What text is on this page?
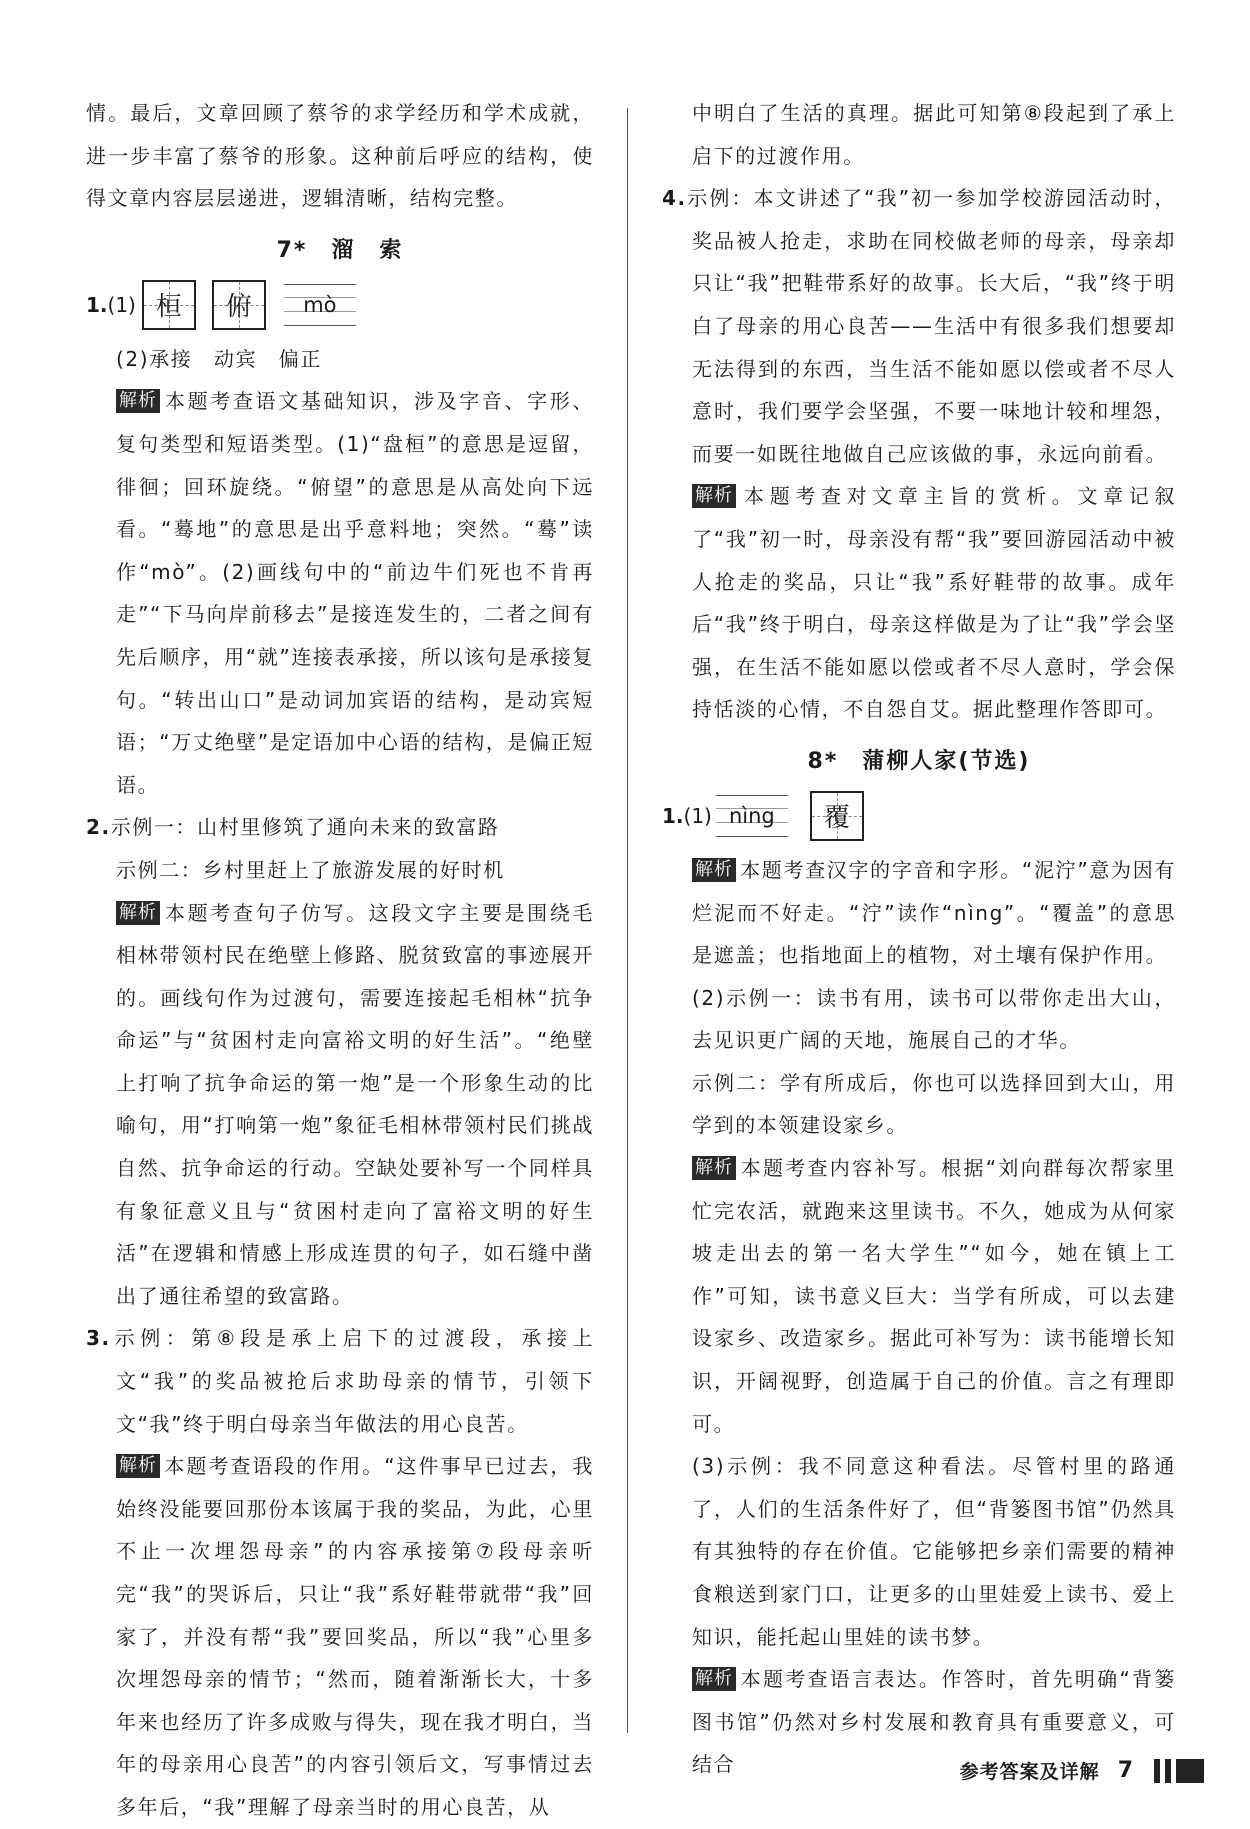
情。最后，文章回顾了蔡爷的求学经历和学术成就，进一步丰富了蔡爷的形象。这种前后呼应的结构，使得文章内容层层递进，逻辑清晰，结构完整。

7*　溜　索
1. (1) 桓 俯 mò

(2)承接　动宾　偏正

解析 本题考查语文基础知识，涉及字音、字形、复句类型和短语类型。(1)“盘桓”的意思是逗留，徘徊；回环旋绕。“俯望”的意思是从高处向下远看。“蓦地”的意思是出乎意料地；突然。“蓦”读作“mò”。(2)画线句中的“前边牛们死也不肯再走”“下马向岸前移去”是接连发生的，二者之间有先后顺序，用“就”连接表承接，所以该句是承接复句。“转出山口”是动词加宾语的结构，是动宾短语；“万丈绝壁”是定语加中心语的结构，是偏正短语。

2.示例一：山村里修筑了通向未来的致富路

示例二：乡村里赶上了旅游发展的好时机

解析 本题考查句子仿写。这段文字主要是围绕毛相林带领村民在绝壁上修路、脱贫致富的事迹展开的。画线句作为过渡句，需要连接起毛相林“抗争命运”与“贫困村走向富裕文明的好生活”。“绝壁上打响了抗争命运的第一炮”是一个形象生动的比喻句，用“打响第一炮”象征毛相林带领村民们挑战自然、抗争命运的行动。空缺处要补写一个同样具有象征意义且与“贫困村走向了富裕文明的好生活”在逻辑和情感上形成连贯的句子，如石缝中凿出了通往希望的致富路。

3.示例：第⑧段是承上启下的过渡段，承接上文“我”的奖品被抢后求助母亲的情节，引领下文“我”终于明白母亲当年做法的用心良苦。

解析 本题考查语段的作用。“这件事早已过去，我始终没能要回那份本该属于我的奖品，为此，心里不止一次埋怨母亲”的内容承接第⑦段母亲听完“我”的哭诉后，只让“我”系好鞋带就带“我”回家了，并没有帮“我”要回奖品，所以“我”心里多次埋怨母亲的情节；“然而，随着渐渐长大，十多年来也经历了许多成败与得失，现在我才明白，当年的母亲用心良苦”的内容引领后文，写事情过去多年后，“我”理解了母亲当时的用心良苦，从

中明白了生活的真理。据此可知第⑧段起到了承上启下的过渡作用。

4.示例：本文讲述了“我”初一参加学校游园活动时，奖品被人抢走，求助在同校做老师的母亲，母亲却只让“我”把鞋带系好的故事。长大后，“我”终于明白了母亲的用心良苦——生活中有很多我们想要却无法得到的东西，当生活不能如愿以偿或者不尽人意时，我们要学会坚强，不要一味地计较和埋怨，而要一如既往地做自己应该做的事，永远向前看。

解析 本题考查对文章主旨的赏析。文章记叙了“我”初一时，母亲没有帮“我”要回游园活动中被人抢走的奖品，只让“我”系好鞋带的故事。成年后“我”终于明白，母亲这样做是为了让“我”学会坚强，在生活不能如愿以偿或者不尽人意时，学会保持恬淡的心情，不自怨自艾。据此整理作答即可。

8*　蒲柳人家(节选)
1. (1) nìng 覆

解析 本题考查汉字的字音和字形。“泥泞”意为因有烂泥而不好走。“泞”读作“nìng”。“覆盖”的意思是遮盖；也指地面上的植物，对土壤有保护作用。

(2)示例一：读书有用，读书可以带你走出大山，去见识更广阔的天地，施展自己的才华。

示例二：学有所成后，你也可以选择回到大山，用学到的本领建设家乡。

解析 本题考查内容补写。根据“刘向群每次帮家里忙完农活，就跑来这里读书。不久，她成为从何家坡走出去的第一名大学生”“如今，她在镇上工作”可知，读书意义巨大：当学有所成，可以去建设家乡、改造家乡。据此可补写为：读书能增长知识，开阔视野，创造属于自己的价值。言之有理即可。

(3)示例：我不同意这种看法。尽管村里的路通了，人们的生活条件好了，但“背篓图书馆”仍然具有其独特的存在价值。它能够把乡亲们需要的精神食粮送到家门口，让更多的山里娃爱上读书、爱上知识，能托起山里娃的读书梦。

解析 本题考查语言表达。作答时，首先明确“背篓图书馆”仍然对乡村发展和教育具有重要意义，可结合	参考答案及详解 7
